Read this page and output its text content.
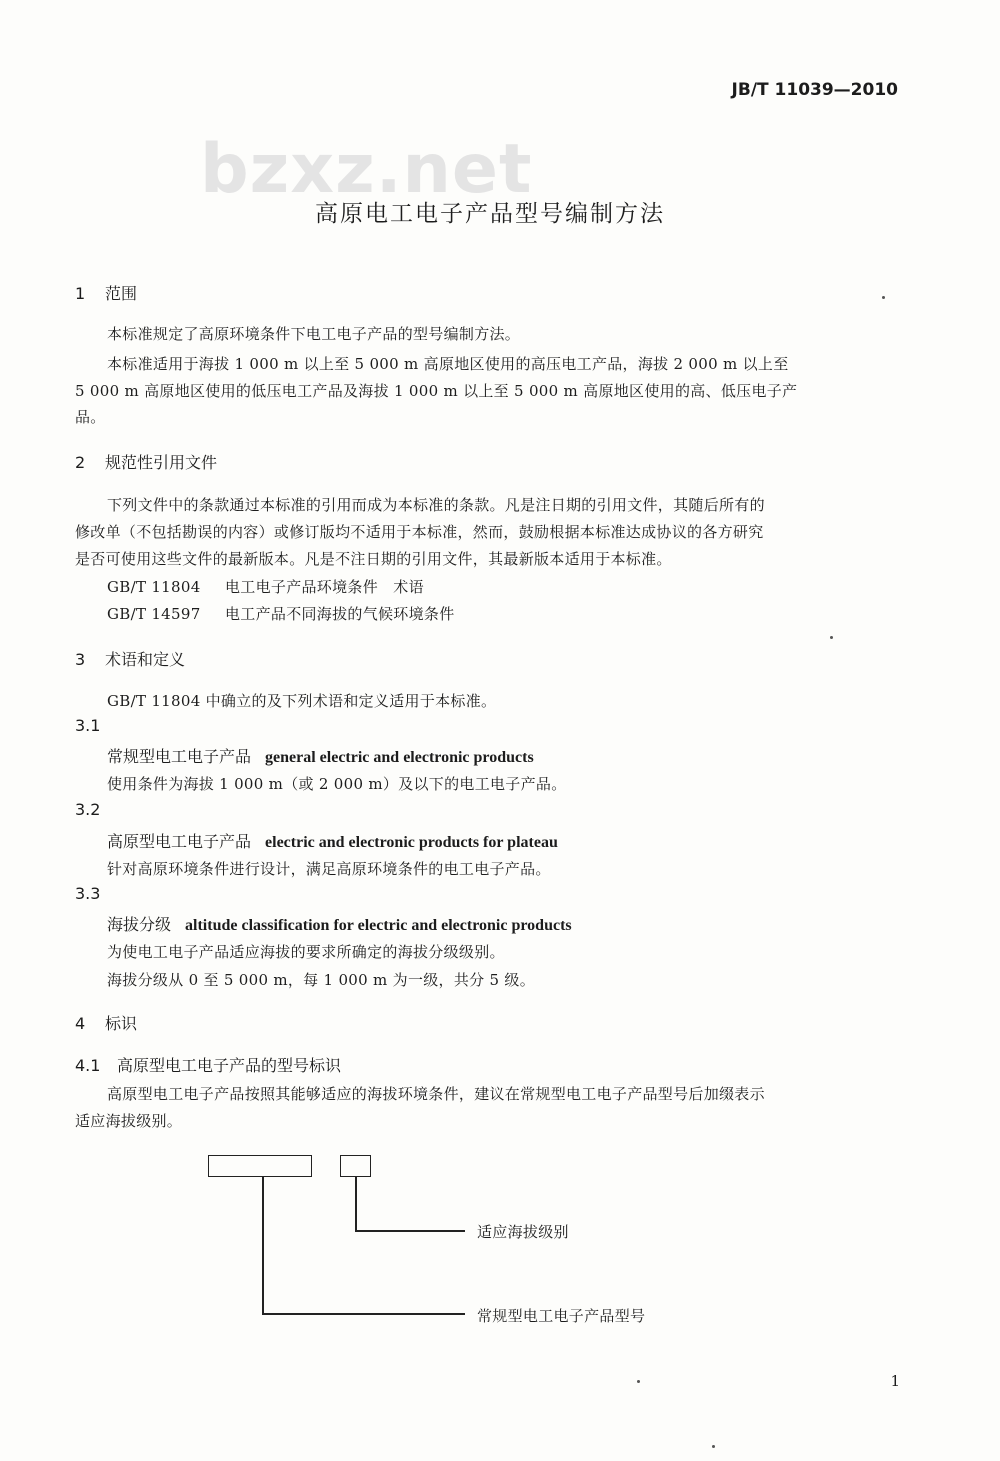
JB/T 11039—2010
bzxz.net
高原电工电子产品型号编制方法
1 范围
本标准规定了高原环境条件下电工电子产品的型号编制方法。
本标准适用于海拔 1 000 m 以上至 5 000 m 高原地区使用的高压电工产品，海拔 2 000 m 以上至
5 000 m 高原地区使用的低压电工产品及海拔 1 000 m 以上至 5 000 m 高原地区使用的高、低压电子产
品。
2 规范性引用文件
下列文件中的条款通过本标准的引用而成为本标准的条款。凡是注日期的引用文件，其随后所有的
修改单（不包括勘误的内容）或修订版均不适用于本标准，然而，鼓励根据本标准达成协议的各方研究
是否可使用这些文件的最新版本。凡是不注日期的引用文件，其最新版本适用于本标准。
GB/T 11804 电工电子产品环境条件　术语
GB/T 14597 电工产品不同海拔的气候环境条件
3 术语和定义
GB/T 11804 中确立的及下列术语和定义适用于本标准。
3.1
常规型电工电子产品 general electric and electronic products
使用条件为海拔 1 000 m（或 2 000 m）及以下的电工电子产品。
3.2
高原型电工电子产品 electric and electronic products for plateau
针对高原环境条件进行设计，满足高原环境条件的电工电子产品。
3.3
海拔分级 altitude classification for electric and electronic products
为使电工电子产品适应海拔的要求所确定的海拔分级级别。
海拔分级从 0 至 5 000 m，每 1 000 m 为一级，共分 5 级。
4 标识
4.1 高原型电工电子产品的型号标识
高原型电工电子产品按照其能够适应的海拔环境条件，建议在常规型电工电子产品型号后加缀表示
适应海拔级别。
适应海拔级别
常规型电工电子产品型号
1
